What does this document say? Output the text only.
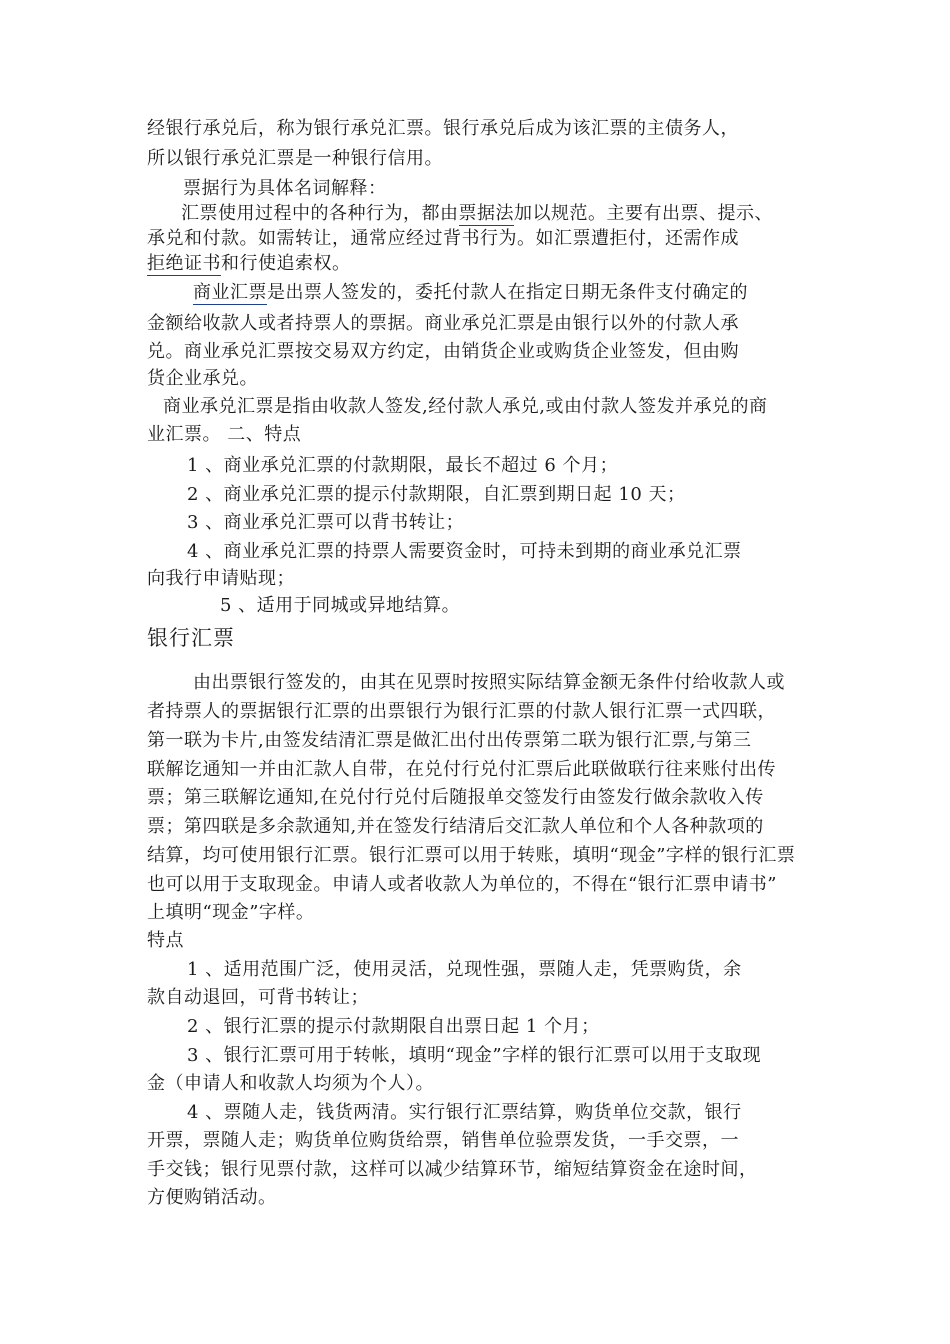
经银行承兑后，称为银行承兑汇票。银行承兑后成为该汇票的主债务人，
所以银行承兑汇票是一种银行信用。
票据行为具体名词解释：
汇票使用过程中的各种行为，都由票据法加以规范。主要有出票、提示、
承兑和付款。如需转让，通常应经过背书行为。如汇票遭拒付，还需作成
拒绝证书和行使追索权。
商业汇票是出票人签发的，委托付款人在指定日期无条件支付确定的
金额给收款人或者持票人的票据。商业承兑汇票是由银行以外的付款人承
兑。商业承兑汇票按交易双方约定，由销货企业或购货企业签发，但由购
货企业承兑。
商业承兑汇票是指由收款人签发,经付款人承兑,或由付款人签发并承兑的商
业汇票。 二、特点
1 、商业承兑汇票的付款期限，最长不超过 6 个月；
2 、商业承兑汇票的提示付款期限，自汇票到期日起 10 天；
3 、商业承兑汇票可以背书转让；
4 、商业承兑汇票的持票人需要资金时，可持未到期的商业承兑汇票
向我行申请贴现；
5 、适用于同城或异地结算。
银行汇票
由出票银行签发的，由其在见票时按照实际结算金额无条件付给收款人或
者持票人的票据银行汇票的出票银行为银行汇票的付款人银行汇票一式四联，
第一联为卡片,由签发结清汇票是做汇出付出传票第二联为银行汇票,与第三
联解讫通知一并由汇款人自带，在兑付行兑付汇票后此联做联行往来账付出传
票；第三联解讫通知,在兑付行兑付后随报单交签发行由签发行做余款收入传
票；第四联是多余款通知,并在签发行结清后交汇款人单位和个人各种款项的
结算，均可使用银行汇票。银行汇票可以用于转账，填明“现金”字样的银行汇票
也可以用于支取现金。申请人或者收款人为单位的，不得在“银行汇票申请书”
上填明“现金”字样。
特点
1 、适用范围广泛，使用灵活，兑现性强，票随人走，凭票购货，余
款自动退回，可背书转让；
2 、银行汇票的提示付款期限自出票日起 1 个月；
3 、银行汇票可用于转帐，填明“现金”字样的银行汇票可以用于支取现
金（申请人和收款人均须为个人）。
4 、票随人走，钱货两清。实行银行汇票结算，购货单位交款，银行
开票，票随人走；购货单位购货给票，销售单位验票发货，一手交票，一
手交钱；银行见票付款，这样可以减少结算环节，缩短结算资金在途时间，
方便购销活动。
